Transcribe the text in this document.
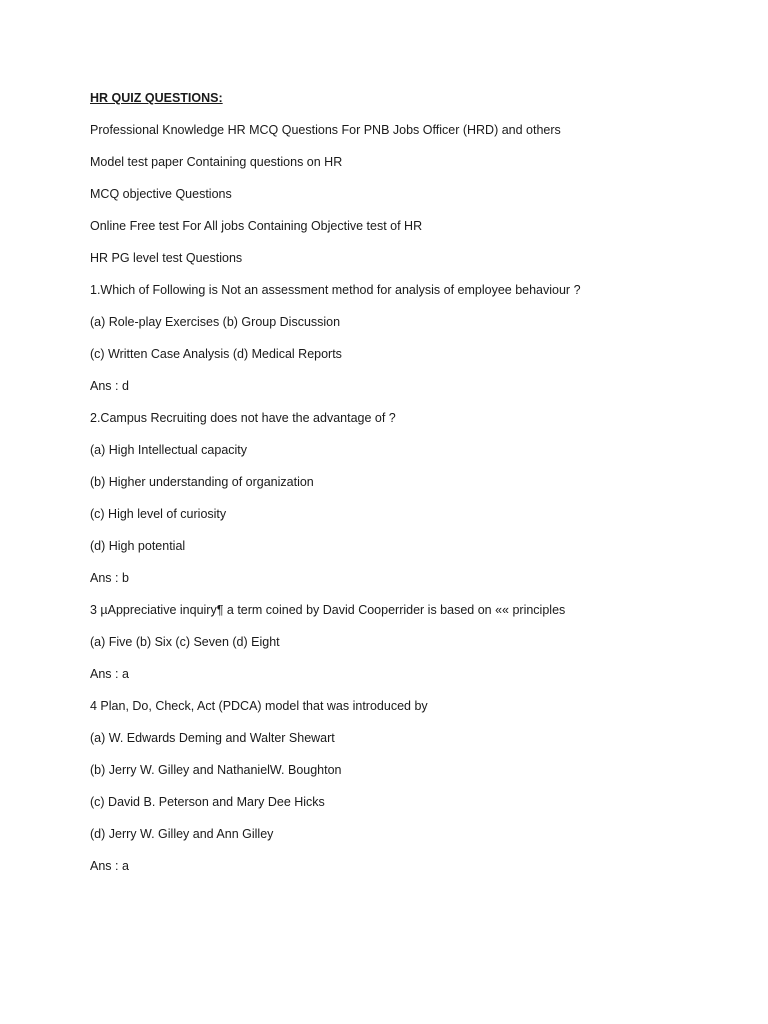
HR QUIZ QUESTIONS:
Professional Knowledge HR MCQ Questions For PNB Jobs Officer (HRD) and others
Model test paper Containing questions on HR
MCQ objective Questions
Online Free test For All jobs Containing Objective test of HR
HR PG level test Questions
1.Which of Following is Not an assessment method for analysis of employee behaviour ?
(a) Role-play Exercises (b) Group Discussion
(c) Written Case Analysis (d) Medical Reports
Ans : d
2.Campus Recruiting does not have the advantage of ?
(a) High Intellectual capacity
(b) Higher understanding of organization
(c) High level of curiosity
(d) High potential
Ans : b
3 µAppreciative inquiry¶ a term coined by David Cooperrider is based on «« principles
(a) Five (b) Six (c) Seven (d) Eight
Ans : a
4 Plan, Do, Check, Act (PDCA) model that was introduced by
(a) W. Edwards Deming and Walter Shewart
(b) Jerry W. Gilley and NathanielW. Boughton
(c) David B. Peterson and Mary Dee Hicks
(d) Jerry W. Gilley and Ann Gilley
Ans : a
